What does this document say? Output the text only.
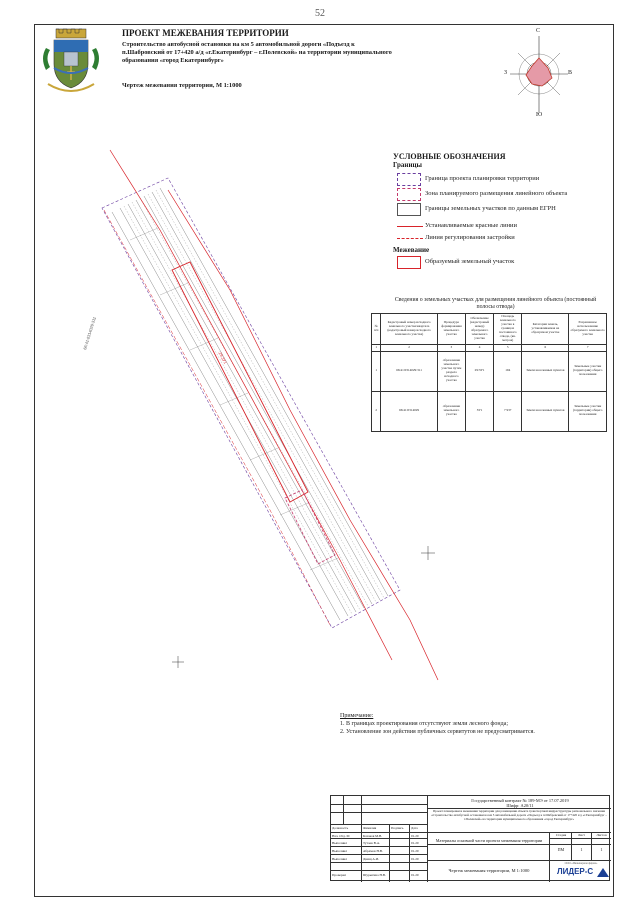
52
ПРОЕКТ МЕЖЕВАНИЯ ТЕРРИТОРИИ
Строительство автобусной остановки на км 5 автомобильной дороги «Подъезд к п.Шабровский от 17+420 а/д «г.Екатеринбург – г.Полевской» на территории муниципального образования «город Екатеринбург»
Чертеж межевания территории, М 1:1000
С
Ю
З	В
УСЛОВНЫЕ ОБОЗНАЧЕНИЯ
Границы
Граница проекта планировки территории
Зона планируемого размещения линейного объекта
Границы земельных участков по данным ЕГРН
Устанавливаемые красные линии
Линия регулирования застройки
Межевание
Образуемый земельный участок
Сведения о земельных участках для размещения линейного объекта (постоянный полосы отвода)
№ п/п	Кадастровый номер исходного земельного участка/квартала (кадастровый номер исходного земельного участка)	Процедура формирования земельного участка	Обозначение (кадастровый номер) образуемого земельного участка	Площадь земельного участка в границах постоянного отвода, (кв. метров)	Категория земель, устанавливаемая на образуемом участке	Разрешенное использование образуемого земельного участка
1	2	3	4	5	6	7
1	66:41:0314029:311	образование земельного участка путем раздела исходного участка	29:ЗУ1	194	Земли населенных пунктов	Земельные участки (территории) общего пользования
2	66:41:0314029	образование земельного участка	ЗУ1	7 937	Земли населенных пунктов	Земельные участки (территории) общего пользования
66:41:0314029:311
:29:ЗУ1
Примечание:
1. В границах проектирования отсутствуют земли лесного фонда;
2. Установление зон действия публичных сервитутов не предусматривается.
Государственный контракт № 189-МЭ от 17.07.2019
Шифр: А20/11
Проект планировки и межевания территории для размещения объекта транспортной инфраструктуры регионального значения «Строительство автобусной остановки на км 5 автомобильной дороги «Подъезд к п.Шабровский от 17+420 а/д «г.Екатеринбург – г.Полевской» на территории муниципального образования «город Екатеринбург»
Должность	Фамилия	Подпись	Дата
Нач. Отд. М	Казаков М.В.	01.20
Выполнил	Тутаев В.А.	01.20
Выполнил	Абрамов Н.В.	01.20
Выполнил	Днищ А.И.	01.20
Проверил	Шурыгина Н.В.	01.20
Материалы основной части проекта межевания территории
Стадия	Лист	Листов
ПМ	1	1
Чертеж межевания территории, М 1:1000
ООО «Инженерная фирма»
ЛИДЕР-С
